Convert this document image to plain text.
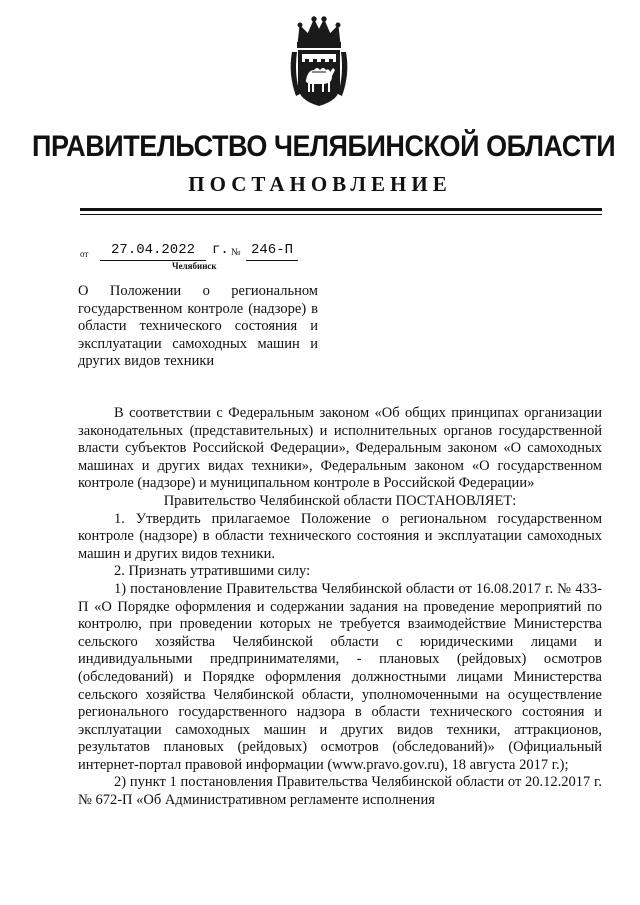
ПРАВИТЕЛЬСТВО ЧЕЛЯБИНСКОЙ ОБЛАСТИ
ПОСТАНОВЛЕНИЕ
от	27.04.2022	г. № 246-П
Челябинск
О Положении о региональном государственном контроле (надзоре) в области технического состояния и эксплуатации самоходных машин и других видов техники

В соответствии с Федеральным законом «Об общих принципах организации законодательных (представительных) и исполнительных органов государственной власти субъектов Российской Федерации», Федеральным законом «О самоходных машинах и других видах техники», Федеральным законом «О государственном контроле (надзоре) и муниципальном контроле в Российской Федерации»

Правительство Челябинской области ПОСТАНОВЛЯЕТ:

1. Утвердить прилагаемое Положение о региональном государственном контроле (надзоре) в области технического состояния и эксплуатации самоходных машин и других видов техники.

2. Признать утратившими силу:

1) постановление Правительства Челябинской области от 16.08.2017 г. № 433-П «О Порядке оформления и содержании задания на проведение мероприятий по контролю, при проведении которых не требуется взаимодействие Министерства сельского хозяйства Челябинской области с юридическими лицами и индивидуальными предпринимателями, - плановых (рейдовых) осмотров (обследований) и Порядке оформления должностными лицами Министерства сельского хозяйства Челябинской области, уполномоченными на осуществление регионального государственного надзора в области технического состояния и эксплуатации самоходных машин и других видов техники, аттракционов, результатов плановых (рейдовых) осмотров (обследований)» (Официальный интернет-портал правовой информации (www.pravo.gov.ru), 18 августа 2017 г.);

2) пункт 1 постановления Правительства Челябинской области от 20.12.2017 г. № 672-П «Об Административном регламенте исполнения
